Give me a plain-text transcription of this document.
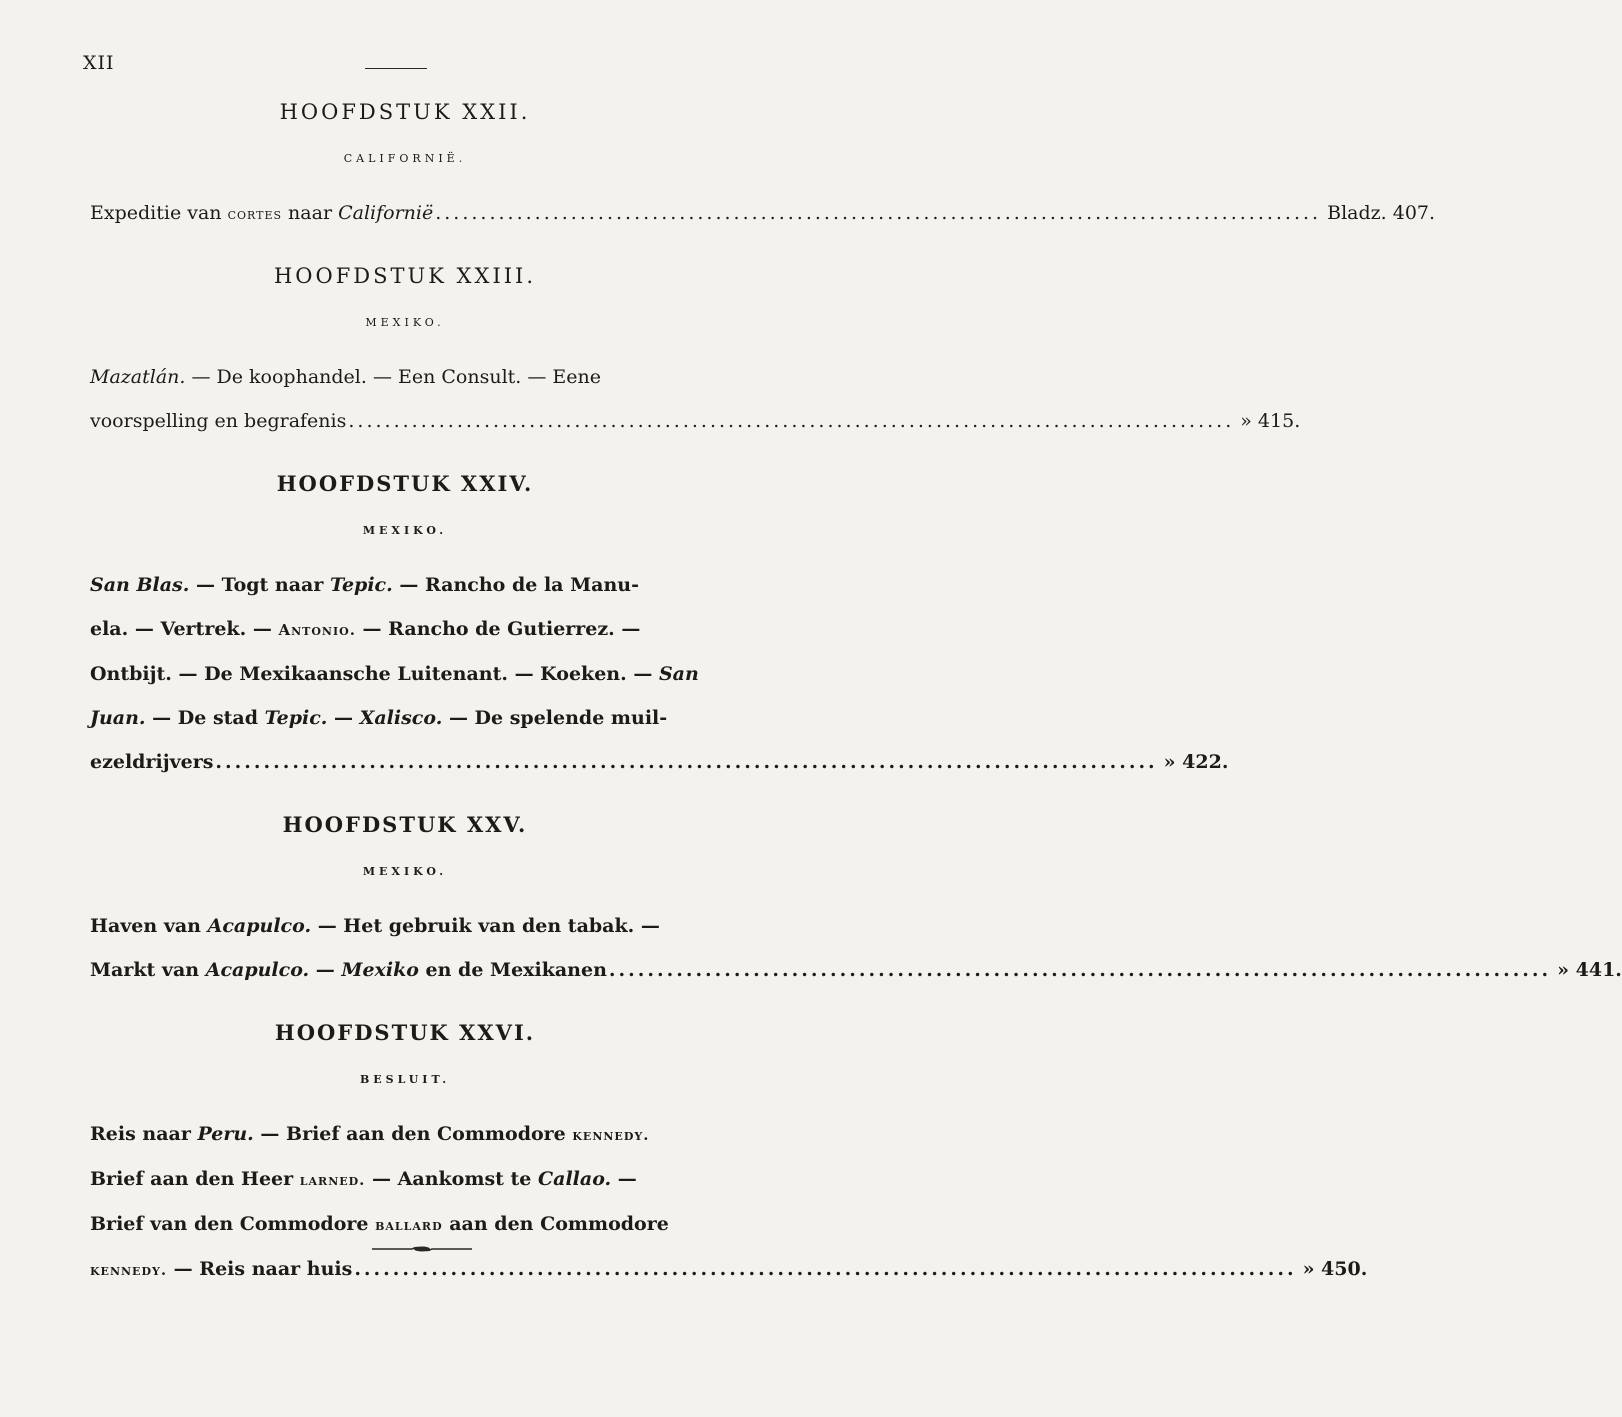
XII
HOOFDSTUK XXII.
CALIFORNIË.
Expeditie van cortes naar Californië .................................................................................................. Bladz. 407.
HOOFDSTUK XXIII.
MEXIKO.
Mazatlán. — De koophandel. — Een Consult. — Eene
voorspelling en begrafenis .................................................................................................. » 415.
HOOFDSTUK XXIV.
MEXIKO.
San Blas. — Togt naar Tepic. — Rancho de la Manu-
ela. — Vertrek. — Antonio. — Rancho de Gutierrez. —
Ontbijt. — De Mexikaansche Luitenant. — Koeken. — San
Juan. — De stad Tepic. — Xalisco. — De spelende muil-
ezeldrijvers .................................................................................................. » 422.
HOOFDSTUK XXV.
MEXIKO.
Haven van Acapulco. — Het gebruik van den tabak. —
Markt van Acapulco. — Mexiko en de Mexikanen .................................................................................................. » 441.
HOOFDSTUK XXVI.
BESLUIT.
Reis naar Peru. — Brief aan den Commodore kennedy.
Brief aan den Heer larned. — Aankomst te Callao. —
Brief van den Commodore ballard aan den Commodore
kennedy. — Reis naar huis .................................................................................................. » 450.
